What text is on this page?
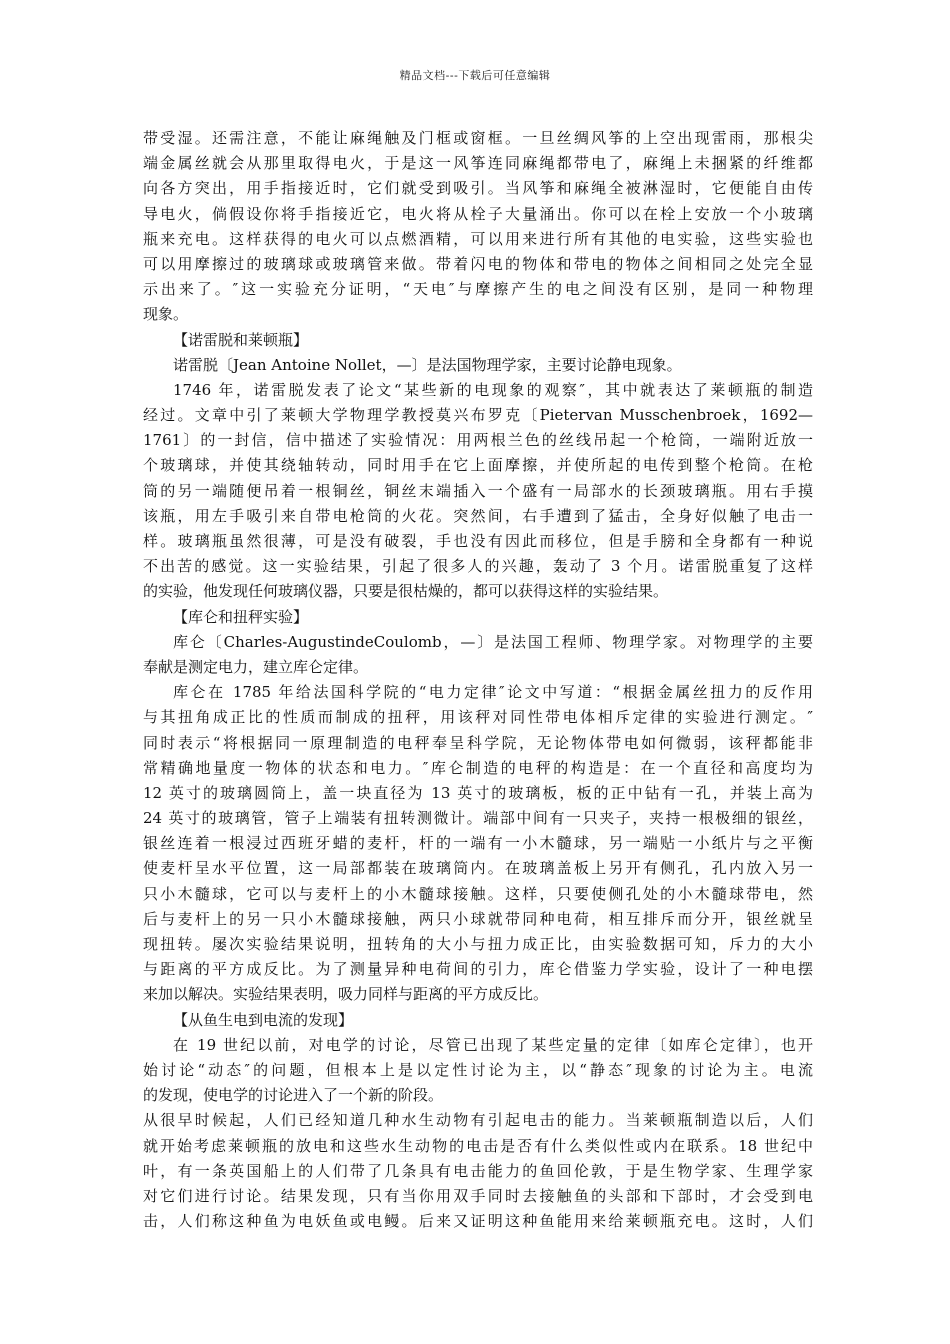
精品文档---下载后可任意编辑
带受湿。还需注意，不能让麻绳触及门框或窗框。一旦丝绸风筝的上空出现雷雨，那根尖
端金属丝就会从那里取得电火，于是这一风筝连同麻绳都带电了，麻绳上未捆紧的纤维都
向各方突出，用手指接近时，它们就受到吸引。当风筝和麻绳全被淋湿时，它便能自由传
导电火，倘假设你将手指接近它，电火将从栓子大量涌出。你可以在栓上安放一个小玻璃
瓶来充电。这样获得的电火可以点燃酒精，可以用来进行所有其他的电实验，这些实验也
可以用摩擦过的玻璃球或玻璃管来做。带着闪电的物体和带电的物体之间相同之处完全显
示出来了。″这一实验充分证明，“天电″与摩擦产生的电之间没有区别，是同一种物理
现象。
【诺雷脱和莱顿瓶】
诺雷脱〔Jean Antoine Nollet，—〕是法国物理学家，主要讨论静电现象。
1746 年，诺雷脱发表了论文“某些新的电现象的观察″，其中就表达了莱顿瓶的制造
经过。文章中引了莱顿大学物理学教授莫兴布罗克〔Pietervan Musschenbroek，1692—
1761〕的一封信，信中描述了实验情况：用两根兰色的丝线吊起一个枪筒，一端附近放一
个玻璃球，并使其绕轴转动，同时用手在它上面摩擦，并使所起的电传到整个枪筒。在枪
筒的另一端随便吊着一根铜丝，铜丝末端插入一个盛有一局部水的长颈玻璃瓶。用右手摸
该瓶，用左手吸引来自带电枪筒的火花。突然间，右手遭到了猛击，全身好似触了电击一
样。玻璃瓶虽然很薄，可是没有破裂，手也没有因此而移位，但是手膀和全身都有一种说
不出苦的感觉。这一实验结果，引起了很多人的兴趣，轰动了 3 个月。诺雷脱重复了这样
的实验，他发现任何玻璃仪器，只要是很枯燥的，都可以获得这样的实验结果。
【库仑和扭秤实验】
库仑〔Charles-AugustindeCoulomb，—〕是法国工程师、物理学家。对物理学的主要
奉献是测定电力，建立库仑定律。
库仑在 1785 年给法国科学院的“电力定律″论文中写道：“根据金属丝扭力的反作用
与其扭角成正比的性质而制成的扭秤，用该秤对同性带电体相斥定律的实验进行测定。″
同时表示“将根据同一原理制造的电秤奉呈科学院，无论物体带电如何微弱，该秤都能非
常精确地量度一物体的状态和电力。″库仑制造的电秤的构造是：在一个直径和高度均为
12 英寸的玻璃圆筒上，盖一块直径为 13 英寸的玻璃板，板的正中钻有一孔，并装上高为
24 英寸的玻璃管，管子上端装有扭转测微计。端部中间有一只夹子，夹持一根极细的银丝，
银丝连着一根浸过西班牙蜡的麦杆，杆的一端有一小木髓球，另一端贴一小纸片与之平衡
使麦杆呈水平位置，这一局部都装在玻璃筒内。在玻璃盖板上另开有侧孔，孔内放入另一
只小木髓球，它可以与麦杆上的小木髓球接触。这样，只要使侧孔处的小木髓球带电，然
后与麦杆上的另一只小木髓球接触，两只小球就带同种电荷，相互排斥而分开，银丝就呈
现扭转。屡次实验结果说明，扭转角的大小与扭力成正比，由实验数据可知，斥力的大小
与距离的平方成反比。为了测量异种电荷间的引力，库仑借鉴力学实验，设计了一种电摆
来加以解决。实验结果表明，吸力同样与距离的平方成反比。
【从鱼生电到电流的发现】
在 19 世纪以前，对电学的讨论，尽管已出现了某些定量的定律〔如库仑定律〕，也开
始讨论“动态″的问题，但根本上是以定性讨论为主，以“静态″现象的讨论为主。电流
的发现，使电学的讨论进入了一个新的阶段。
从很早时候起，人们已经知道几种水生动物有引起电击的能力。当莱顿瓶制造以后，人们
就开始考虑莱顿瓶的放电和这些水生动物的电击是否有什么类似性或内在联系。18 世纪中
叶，有一条英国船上的人们带了几条具有电击能力的鱼回伦敦，于是生物学家、生理学家
对它们进行讨论。结果发现，只有当你用双手同时去接触鱼的头部和下部时，才会受到电
击，人们称这种鱼为电妖鱼或电鳗。后来又证明这种鱼能用来给莱顿瓶充电。这时，人们
